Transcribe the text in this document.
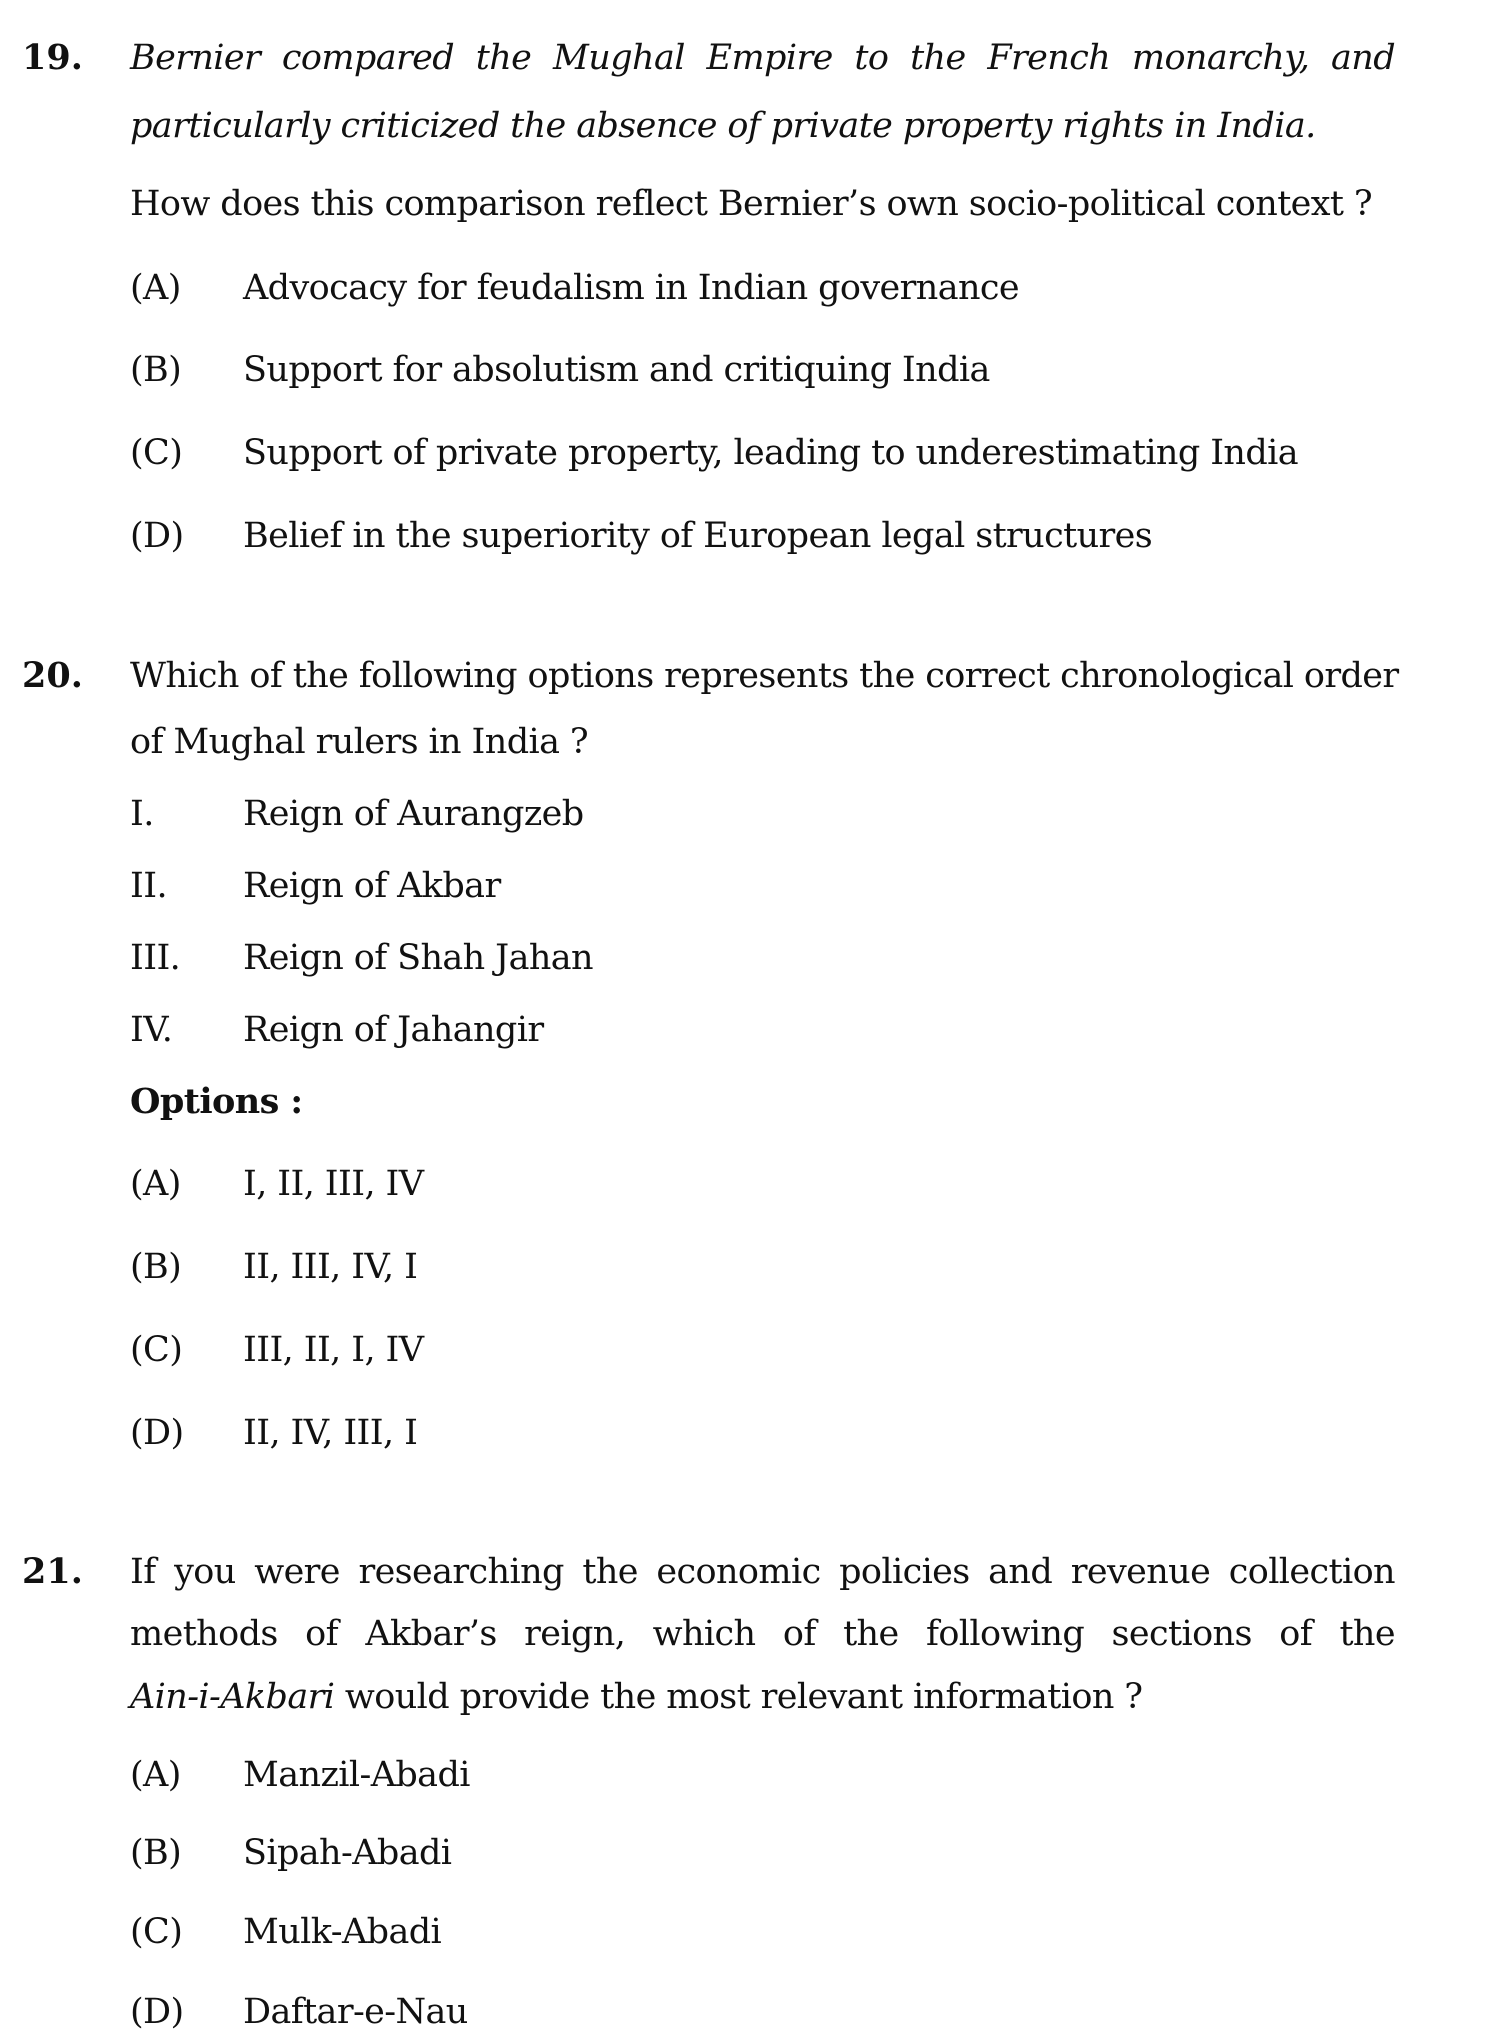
19. Bernier compared the Mughal Empire to the French monarchy, and
particularly criticized the absence of private property rights in India.
How does this comparison reflect Bernier’s own socio-political context ?
(A) Advocacy for feudalism in Indian governance
(B) Support for absolutism and critiquing India
(C) Support of private property, leading to underestimating India
(D) Belief in the superiority of European legal structures
20. Which of the following options represents the correct chronological order
of Mughal rulers in India ?
I.	Reign of Aurangzeb
II. Reign of Akbar
III. Reign of Shah Jahan
IV. Reign of Jahangir
Options :
(A) I, II, III, IV
(B) II, III, IV, I
(C) III, II, I, IV
(D) II, IV, III, I
21. If you were researching the economic policies and revenue collection
methods of Akbar’s reign, which of the following sections of the
Ain-i-Akbari would provide the most relevant information ?
(A) Manzil-Abadi
(B) Sipah-Abadi
(C) Mulk-Abadi
(D) Daftar-e-Nau
